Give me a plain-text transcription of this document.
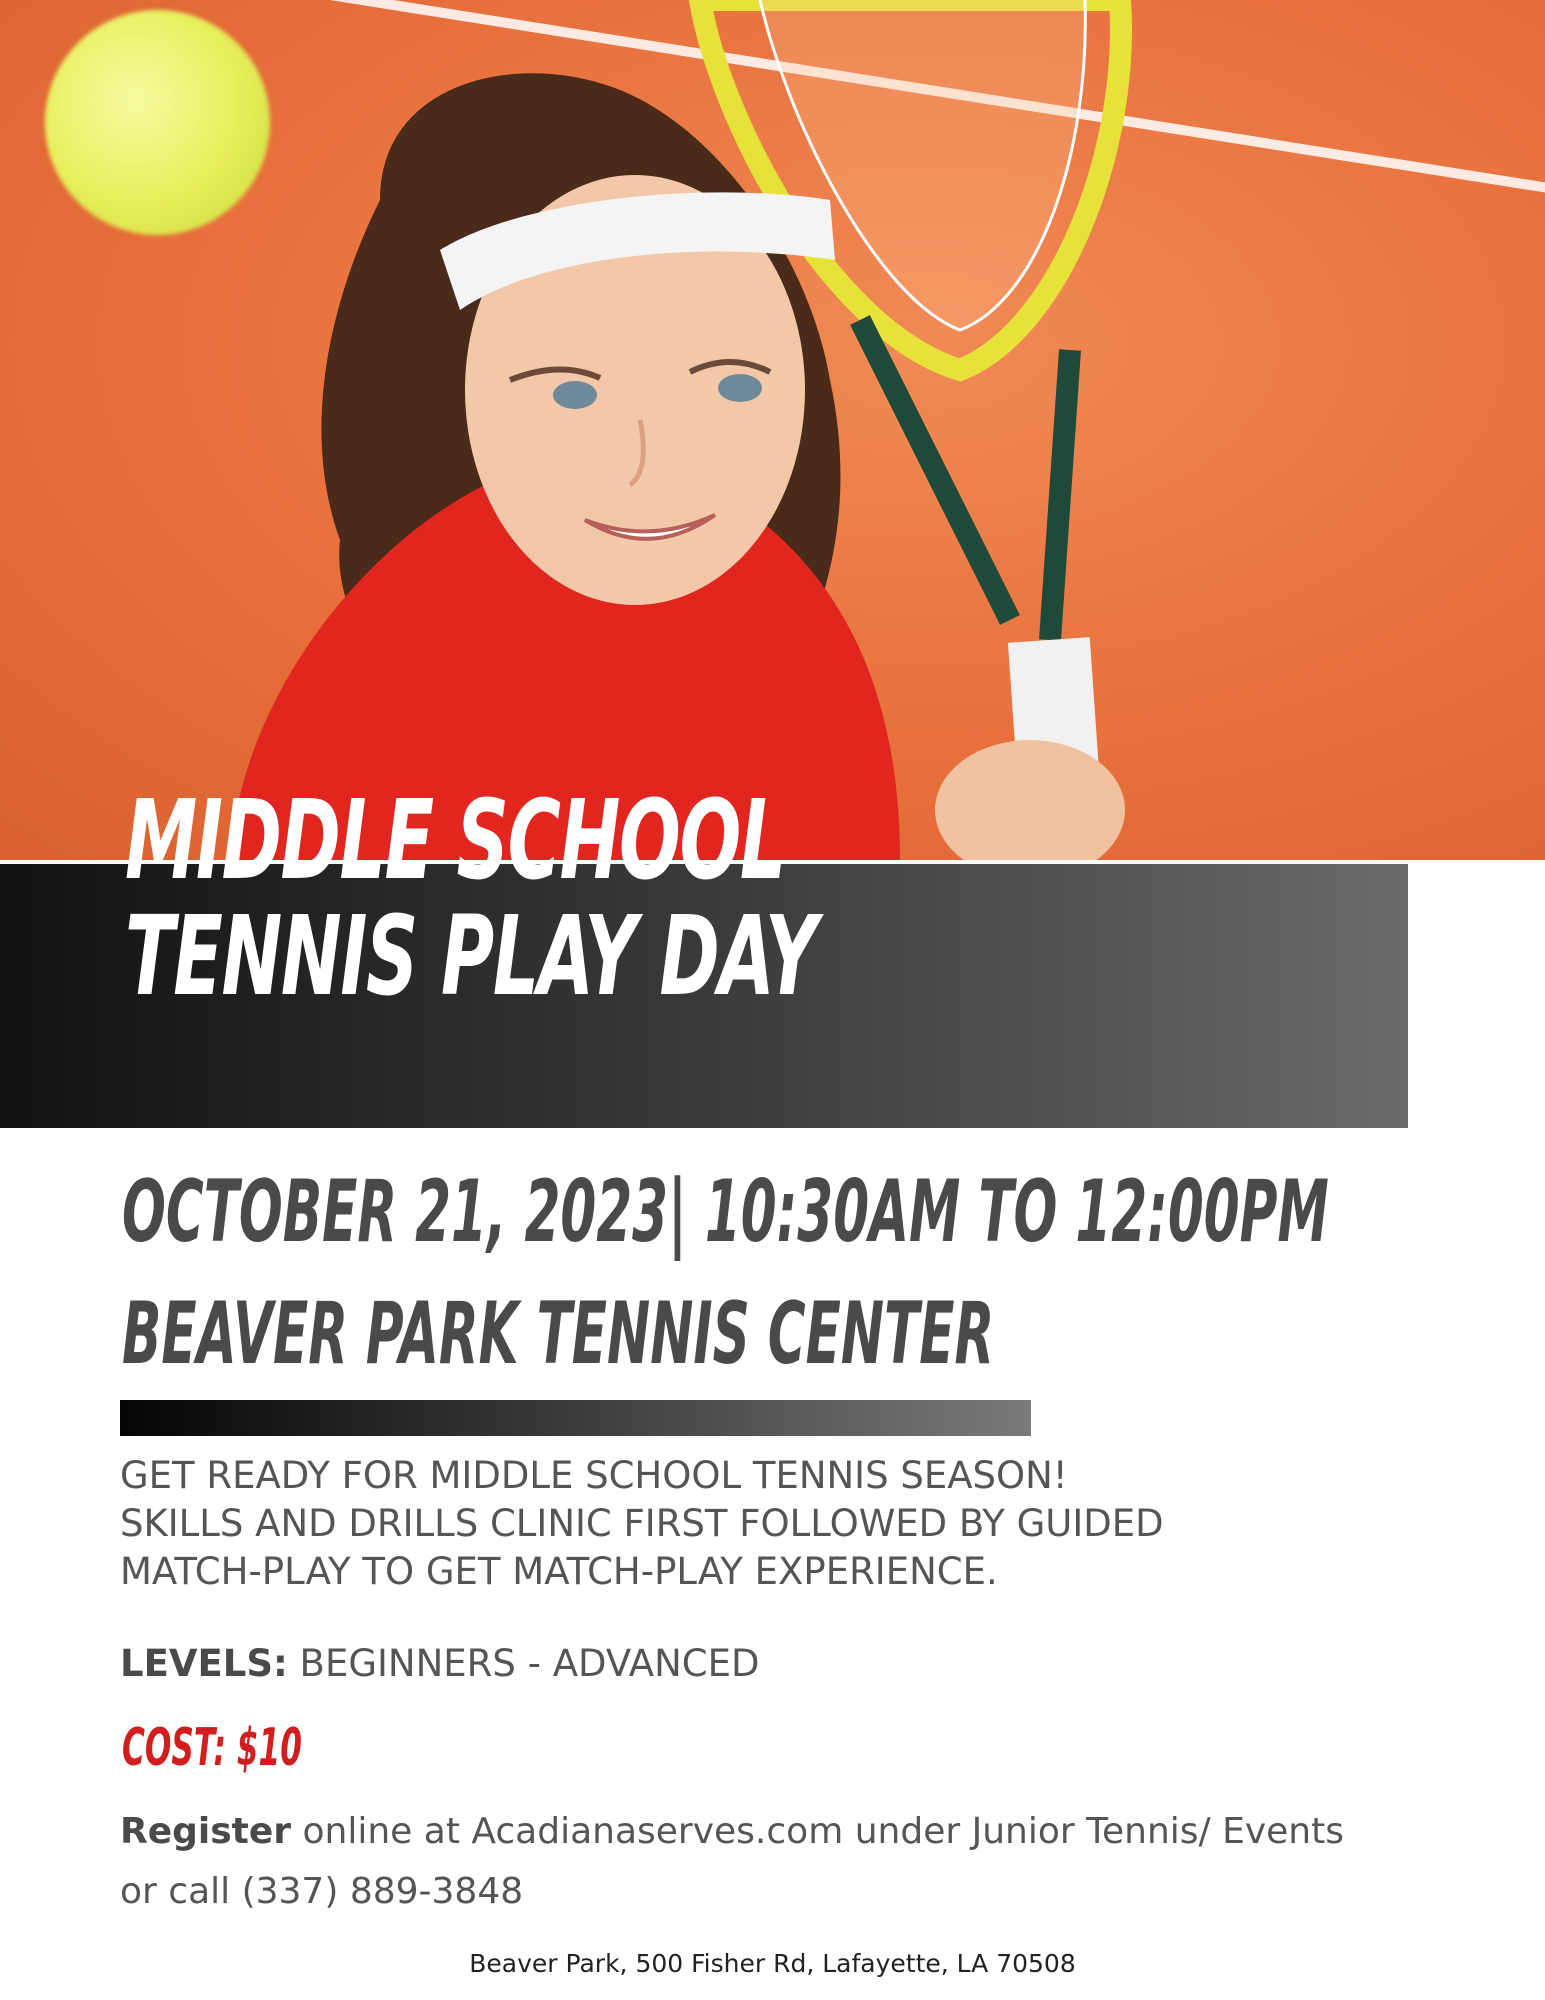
MIDDLE SCHOOL
TENNIS PLAY DAY

OCTOBER 21, 2023| 10:30AM TO 12:00PM

BEAVER PARK TENNIS CENTER

GET READY FOR MIDDLE SCHOOL TENNIS SEASON!
SKILLS AND DRILLS CLINIC FIRST FOLLOWED BY GUIDED
MATCH-PLAY TO GET MATCH-PLAY EXPERIENCE.

LEVELS: BEGINNERS - ADVANCED

COST: $10

Register online at Acadianaserves.com under Junior Tennis/ Events
or call (337) 889-3848

Beaver Park, 500 Fisher Rd, Lafayette, LA 70508
